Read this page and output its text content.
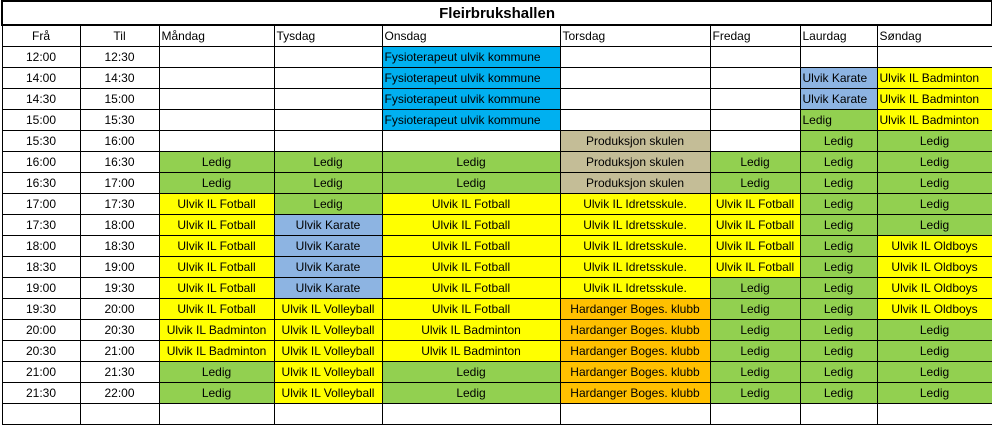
Fleirbrukshallen								
Frå	Til	Måndag	Tysdag	Onsdag	Torsdag	Fredag	Laurdag	Søndag
12:00	12:30			Fysioterapeut ulvik kommune				
14:00	14:30			Fysioterapeut ulvik kommune			Ulvik Karate	Ulvik IL Badminton
14:30	15:00			Fysioterapeut ulvik kommune			Ulvik Karate	Ulvik IL Badminton
15:00	15:30			Fysioterapeut ulvik kommune			Ledig	Ulvik IL Badminton
15:30	16:00				Produksjon skulen		Ledig	Ledig
16:00	16:30	Ledig	Ledig	Ledig	Produksjon skulen	Ledig	Ledig	Ledig
16:30	17:00	Ledig	Ledig	Ledig	Produksjon skulen	Ledig	Ledig	Ledig
17:00	17:30	Ulvik IL Fotball	Ledig	Ulvik IL Fotball	Ulvik IL Idretsskule.	Ulvik IL Fotball	Ledig	Ledig
17:30	18:00	Ulvik IL Fotball	Ulvik Karate	Ulvik IL Fotball	Ulvik IL Idretsskule.	Ulvik IL Fotball	Ledig	Ledig
18:00	18:30	Ulvik IL Fotball	Ulvik Karate	Ulvik IL Fotball	Ulvik IL Idretsskule.	Ulvik IL Fotball	Ledig	Ulvik IL Oldboys
18:30	19:00	Ulvik IL Fotball	Ulvik Karate	Ulvik IL Fotball	Ulvik IL Idretsskule.	Ulvik IL Fotball	Ledig	Ulvik IL Oldboys
19:00	19:30	Ulvik IL Fotball	Ulvik Karate	Ulvik IL Fotball	Ulvik IL Idretsskule.	Ledig	Ledig	Ulvik IL Oldboys
19:30	20:00	Ulvik IL Fotball	Ulvik IL Volleyball	Ulvik IL Fotball	Hardanger Boges. klubb	Ledig	Ledig	Ulvik IL Oldboys
20:00	20:30	Ulvik IL Badminton	Ulvik IL Volleyball	Ulvik IL Badminton	Hardanger Boges. klubb	Ledig	Ledig	Ledig
20:30	21:00	Ulvik IL Badminton	Ulvik IL Volleyball	Ulvik IL Badminton	Hardanger Boges. klubb	Ledig	Ledig	Ledig
21:00	21:30	Ledig	Ulvik IL Volleyball	Ledig	Hardanger Boges. klubb	Ledig	Ledig	Ledig
21:30	22:00	Ledig	Ulvik IL Volleyball	Ledig	Hardanger Boges. klubb	Ledig	Ledig	Ledig
